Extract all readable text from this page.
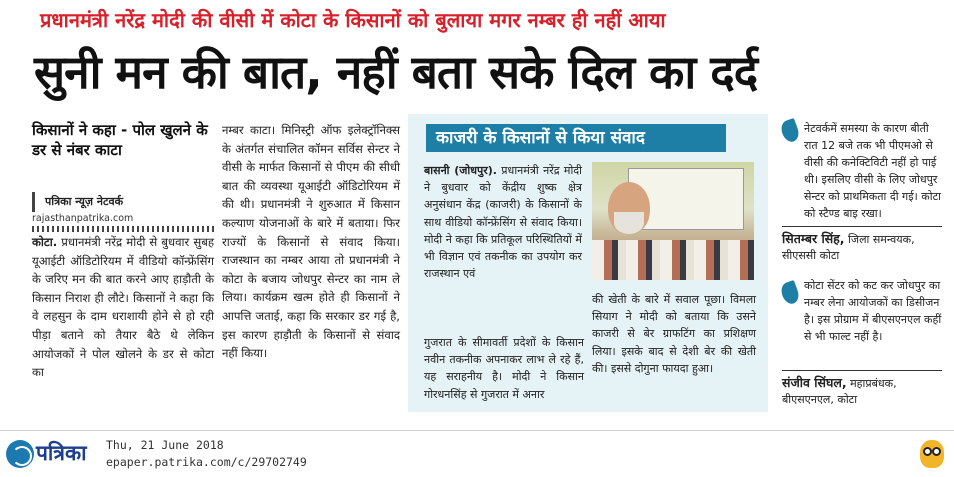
प्रधानमंत्री नरेंद्र मोदी की वीसी में कोटा के किसानों को बुलाया मगर नम्बर ही नहीं आया
सुनी मन की बात, नहीं बता सके दिल का दर्द
किसानों ने कहा - पोल खुलने के डर से नंबर काटा
पत्रिका न्यूज़ नेटवर्क
rajasthanpatrika.com

कोटा. प्रधानमंत्री नरेंद्र मोदी से बुधवार सुबह यूआईटी ऑडिटोरियम में वीडियो कॉन्फ्रेंसिंग के जरिए मन की बात करने आए हाड़ौती के किसान निराश ही लौटे। किसानों ने कहा कि वे लहसुन के दाम धराशायी होने से हो रही पीड़ा बताने को तैयार बैठे थे लेकिन आयोजकों ने पोल खोलने के डर से कोटा का

नम्बर काटा। मिनिस्ट्री ऑफ इलेक्ट्रॉनिक्स के अंतर्गत संचालित कॉमन सर्विस सेन्टर ने वीसी के मार्फत किसानों से पीएम की सीधी बात की व्यवस्था यूआईटी ऑडिटोरियम में की थी। प्रधानमंत्री ने शुरुआत में किसान कल्याण योजनाओं के बारे में बताया। फिर राज्यों के किसानों से संवाद किया। राजस्थान का नम्बर आया तो प्रधानमंत्री ने कोटा के बजाय जोधपुर सेन्टर का नाम ले लिया। कार्यक्रम खत्म होते ही किसानों ने आपत्ति जताई, कहा कि सरकार डर गई है, इस कारण हाड़ौती के किसानों से संवाद नहीं किया।

काजरी के किसानों से किया संवाद
बासनी (जोधपुर). प्रधानमंत्री नरेंद्र मोदी ने बुधवार को केंद्रीय शुष्क क्षेत्र अनुसंधान केंद्र (काजरी) के किसानों के साथ वीडियो कॉन्फ्रेंसिंग से संवाद किया। मोदी ने कहा कि प्रतिकूल परिस्थितियों में भी विज्ञान एवं तकनीक का उपयोग कर राजस्थान एवं
गुजरात के सीमावर्ती प्रदेशों के किसान नवीन तकनीक अपनाकर लाभ ले रहे हैं, यह सराहनीय है। मोदी ने किसान गोरधनसिंह से गुजरात में अनार
की खेती के बारे में सवाल पूछा। विमला सियाग ने मोदी को बताया कि उसने काजरी से बेर ग्राफटिंग का प्रशिक्षण लिया। इसके बाद से देशी बेर की खेती की। इससे दोगुना फायदा हुआ।
नेटवर्कमें समस्या के कारण बीती रात 12 बजे तक भी पीएमओ से वीसी की कनेक्टिविटी नहीं हो पाई थी। इसलिए वीसी के लिए जोधपुर सेन्टर को प्राथमिकता दी गई। कोटा को स्टैण्ड बाइ रखा।
सितम्बर सिंह, जिला समन्वयक, सीएससी कोटा
कोटा सेंटर को कट कर जोधपुर का नम्बर लेना आयोजकों का डिसीजन है। इस प्रोग्राम में बीएसएनएल कहीं से भी फाल्ट नहीं है।
संजीव सिंघल, महाप्रबंधक, बीएसएनएल, कोटा
पत्रिका	Thu, 21 June 2018
epaper.patrika.com/c/29702749
